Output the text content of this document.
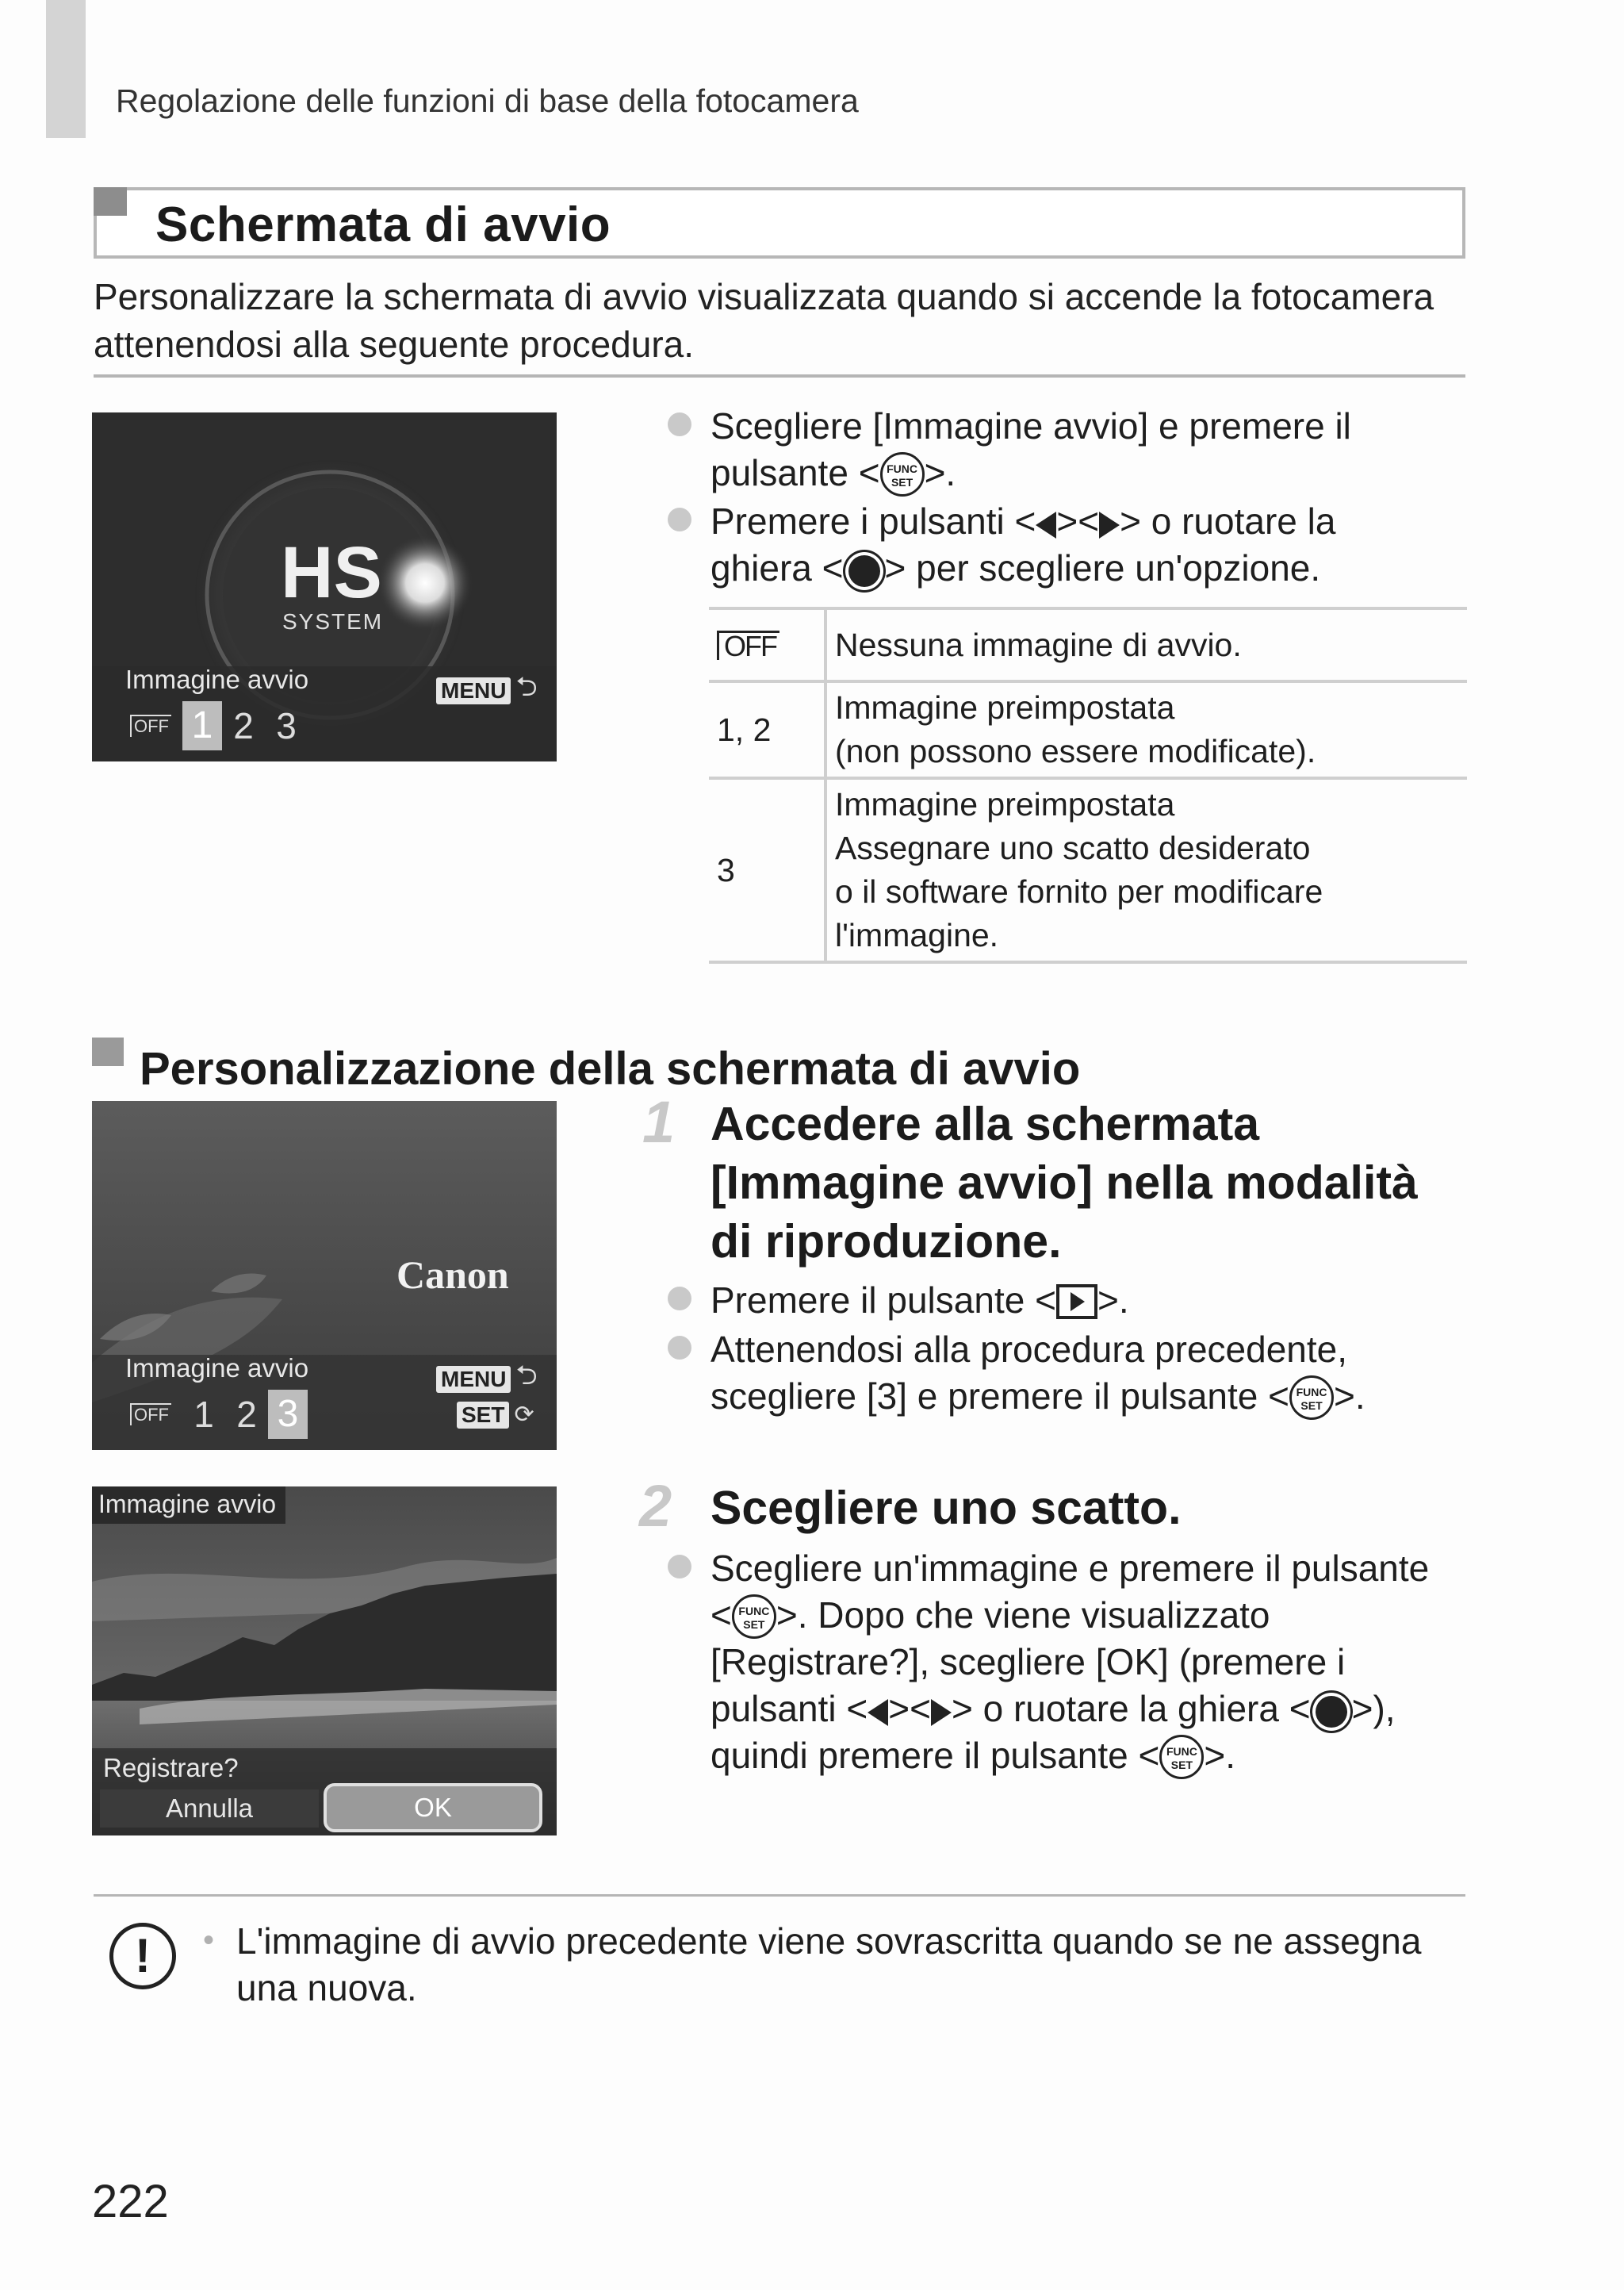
Regolazione delle funzioni di base della fotocamera
Schermata di avvio
Personalizzare la schermata di avvio visualizzata quando si accende la fotocamera attenendosi alla seguente procedura.
HS
SYSTEM
Immagine avvio	MENU ⮌
OFF 1 2 3
Scegliere [Immagine avvio] e premere il pulsante < FUNC
SET >.
Premere i pulsanti < >< > o ruotare la ghiera < > per scegliere un'opzione.
OFF	Nessuna immagine di avvio.
1, 2	Immagine preimpostata
(non possono essere modificate).
3	Immagine preimpostata
Assegnare uno scatto desiderato
o il software fornito per modificare
l'immagine.
Personalizzazione della schermata di avvio
Canon
Immagine avvio	MENU ⮌
OFF 1 2 3	SET ⟳
1 Accedere alla schermata [Immagine avvio] nella modalità di riproduzione.
Premere il pulsante < >.
Attenendosi alla procedura precedente, scegliere [3] e premere il pulsante < FUNC
SET >.
Immagine avvio
Registrare?
Annulla	OK
2 Scegliere uno scatto.
Scegliere un'immagine e premere il pulsante < FUNC
SET >. Dopo che viene visualizzato [Registrare?], scegliere [OK] (premere i pulsanti < >< > o ruotare la ghiera < >), quindi premere il pulsante < FUNC
SET >.
!	• L'immagine di avvio precedente viene sovrascritta quando se ne assegna una nuova.
222
